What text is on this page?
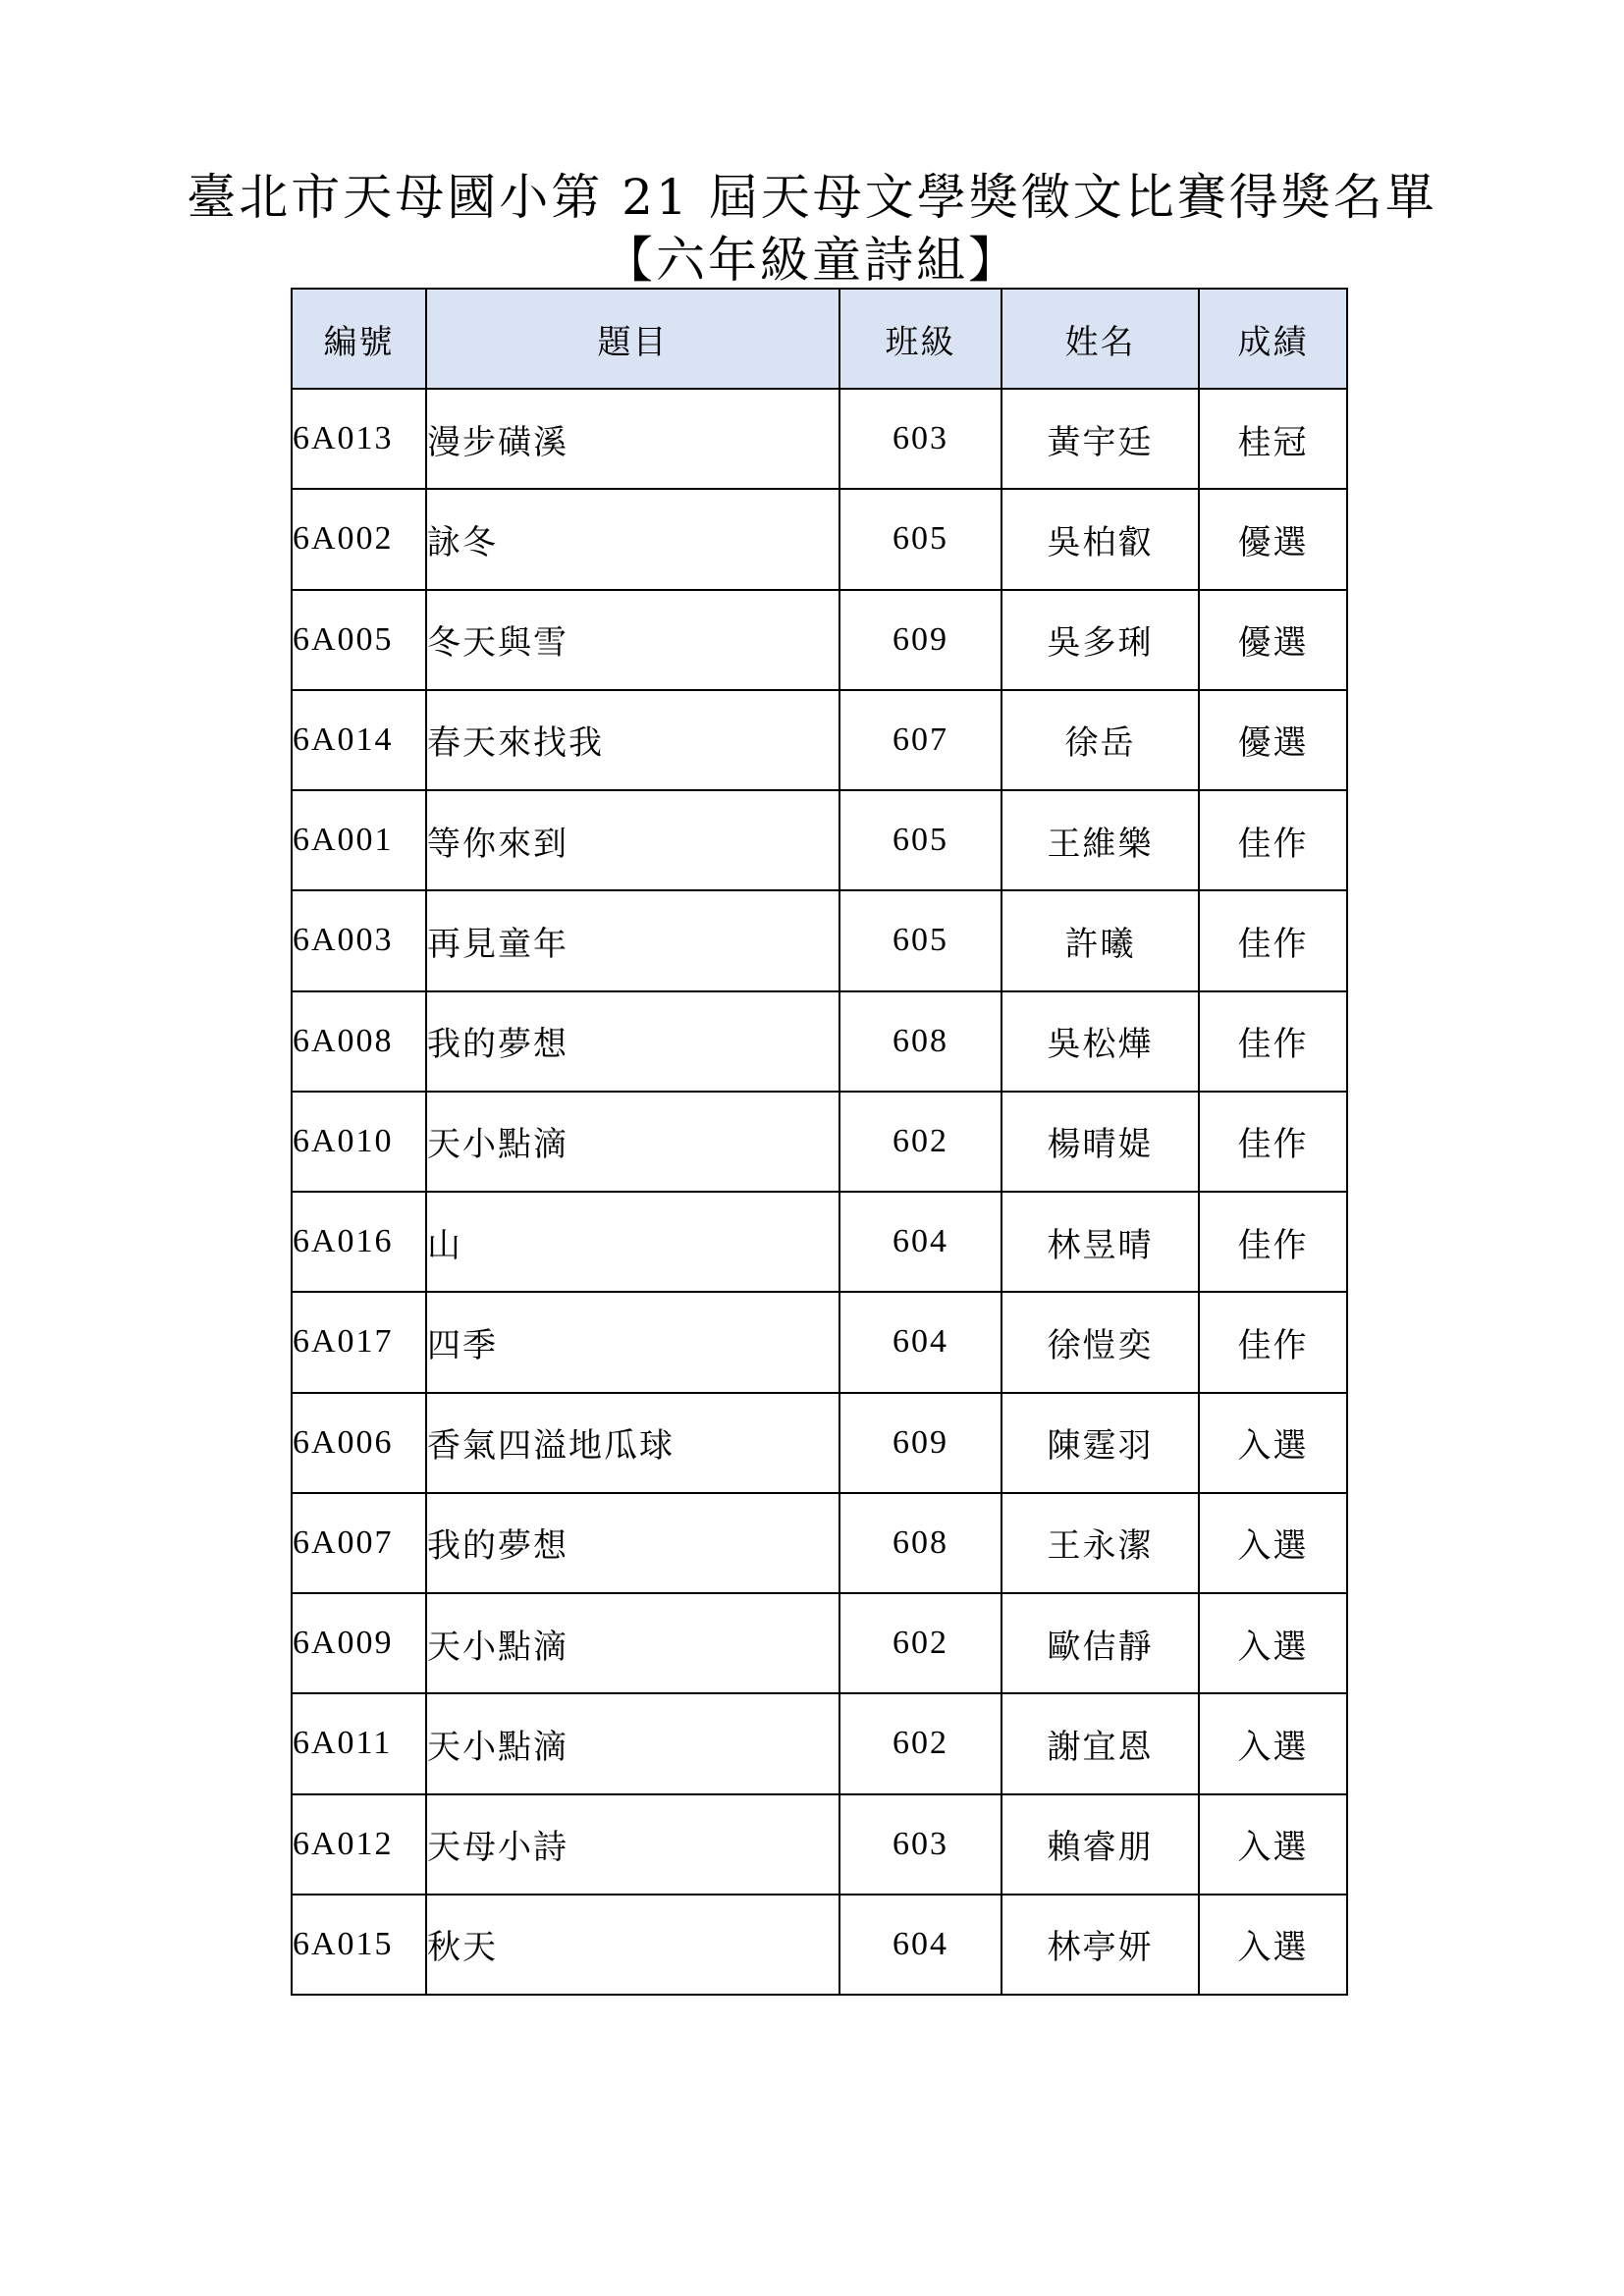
臺北市天母國小第 21 屆天母文學獎徵文比賽得獎名單
【六年級童詩組】
編號	題目	班級	姓名	成績
6A013	漫步磺溪	603	黃宇廷	桂冠
6A002	詠冬	605	吳柏叡	優選
6A005	冬天與雪	609	吳多琍	優選
6A014	春天來找我	607	徐岳	優選
6A001	等你來到	605	王維樂	佳作
6A003	再見童年	605	許曦	佳作
6A008	我的夢想	608	吳松燁	佳作
6A010	天小點滴	602	楊晴媞	佳作
6A016	山	604	林昱晴	佳作
6A017	四季	604	徐愷奕	佳作
6A006	香氣四溢地瓜球	609	陳霆羽	入選
6A007	我的夢想	608	王永潔	入選
6A009	天小點滴	602	歐佶靜	入選
6A011	天小點滴	602	謝宜恩	入選
6A012	天母小詩	603	賴睿朋	入選
6A015	秋天	604	林亭妍	入選
